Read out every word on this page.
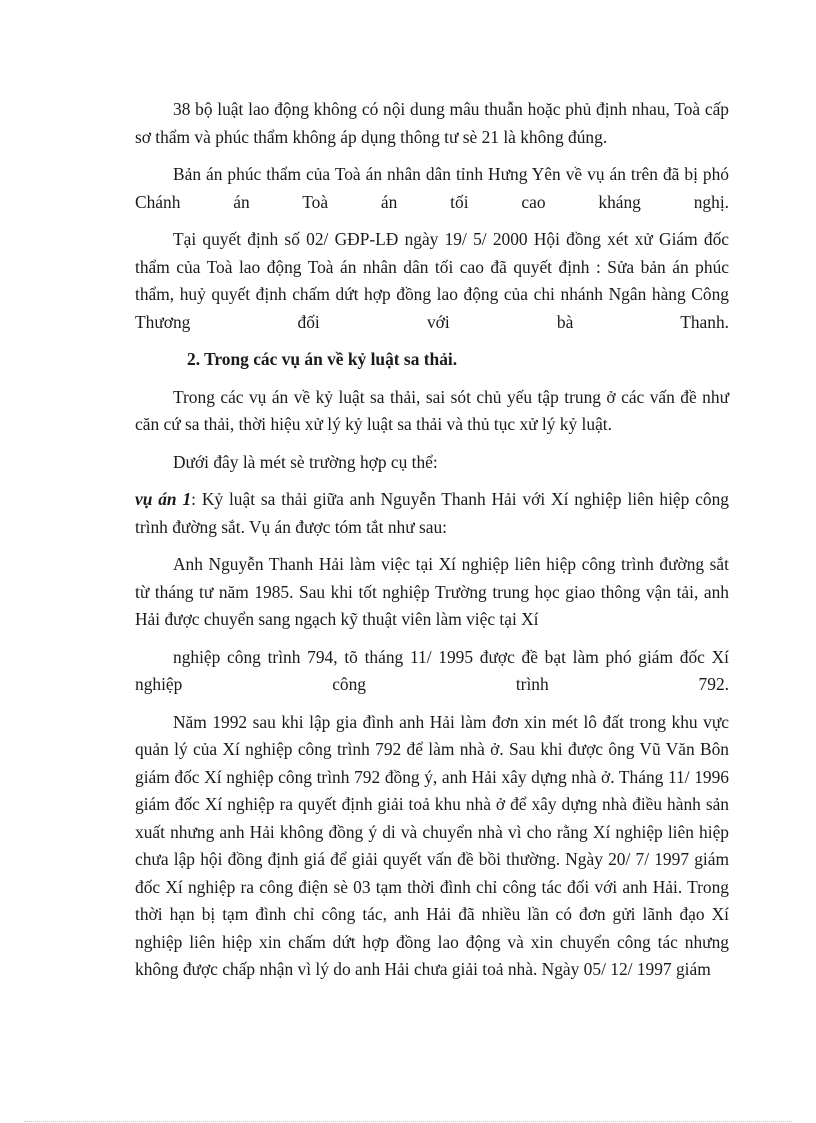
38 bộ luật lao động không có nội dung mâu thuẫn hoặc phủ định nhau, Toà cấp sơ thẩm và phúc thẩm không áp dụng thông tư sè 21 là không đúng.

Bản án phúc thẩm của Toà án nhân dân tỉnh Hưng Yên về vụ án trên đã bị phó Chánh án Toà án tối cao kháng nghị.

Tại quyết định số 02/ GĐP-LĐ ngày 19/ 5/ 2000 Hội đồng xét xử Giám đốc thẩm của Toà lao động Toà án nhân dân tối cao đã quyết định : Sửa bản án phúc thẩm, huỷ quyết định chấm dứt hợp đồng lao động của chi nhánh Ngân hàng Công Thương đối với bà Thanh.

2. Trong các vụ án về kỷ luật sa thải.

Trong các vụ án về kỷ luật sa thải, sai sót chủ yếu tập trung ở các vấn đề như căn cứ sa thải, thời hiệu xử lý kỷ luật sa thải và thủ tục xử lý kỷ luật.

Dưới đây là mét sè trường hợp cụ thể:

vụ án 1: Kỷ luật sa thải giữa anh Nguyễn Thanh Hải với Xí nghiệp liên hiệp công trình đường sắt. Vụ án được tóm tắt như sau:

Anh Nguyễn Thanh Hải làm việc tại Xí nghiệp liên hiệp công trình đường sắt từ tháng tư năm 1985. Sau khi tốt nghiệp Trường trung học giao thông vận tải, anh Hải được chuyển sang ngạch kỹ thuật viên làm việc tại Xí

nghiệp công trình 794, tõ tháng 11/ 1995 được đề bạt làm phó giám đốc Xí nghiệp công trình 792.

Năm 1992 sau khi lập gia đình anh Hải làm đơn xin mét lô đất trong khu vực quản lý của Xí nghiệp công trình 792 để làm nhà ở. Sau khi được ông Vũ Văn Bôn giám đốc Xí nghiệp công trình 792 đồng ý, anh Hải xây dựng nhà ở. Tháng 11/ 1996 giám đốc Xí nghiệp ra quyết định giải toả khu nhà ở để xây dựng nhà điều hành sản xuất nhưng anh Hải không đồng ý di và chuyển nhà vì cho rằng Xí nghiệp liên hiệp chưa lập hội đồng định giá để giải quyết vấn đề bồi thường. Ngày 20/ 7/ 1997 giám đốc Xí nghiệp ra công điện sè 03 tạm thời đình chỉ công tác đối với anh Hải. Trong thời hạn bị tạm đình chỉ công tác, anh Hải đã nhiều lần có đơn gửi lãnh đạo Xí nghiệp liên hiệp xin chấm dứt hợp đồng lao động và xin chuyển công tác nhưng không được chấp nhận vì lý do anh Hải chưa giải toả nhà. Ngày 05/ 12/ 1997 giám
